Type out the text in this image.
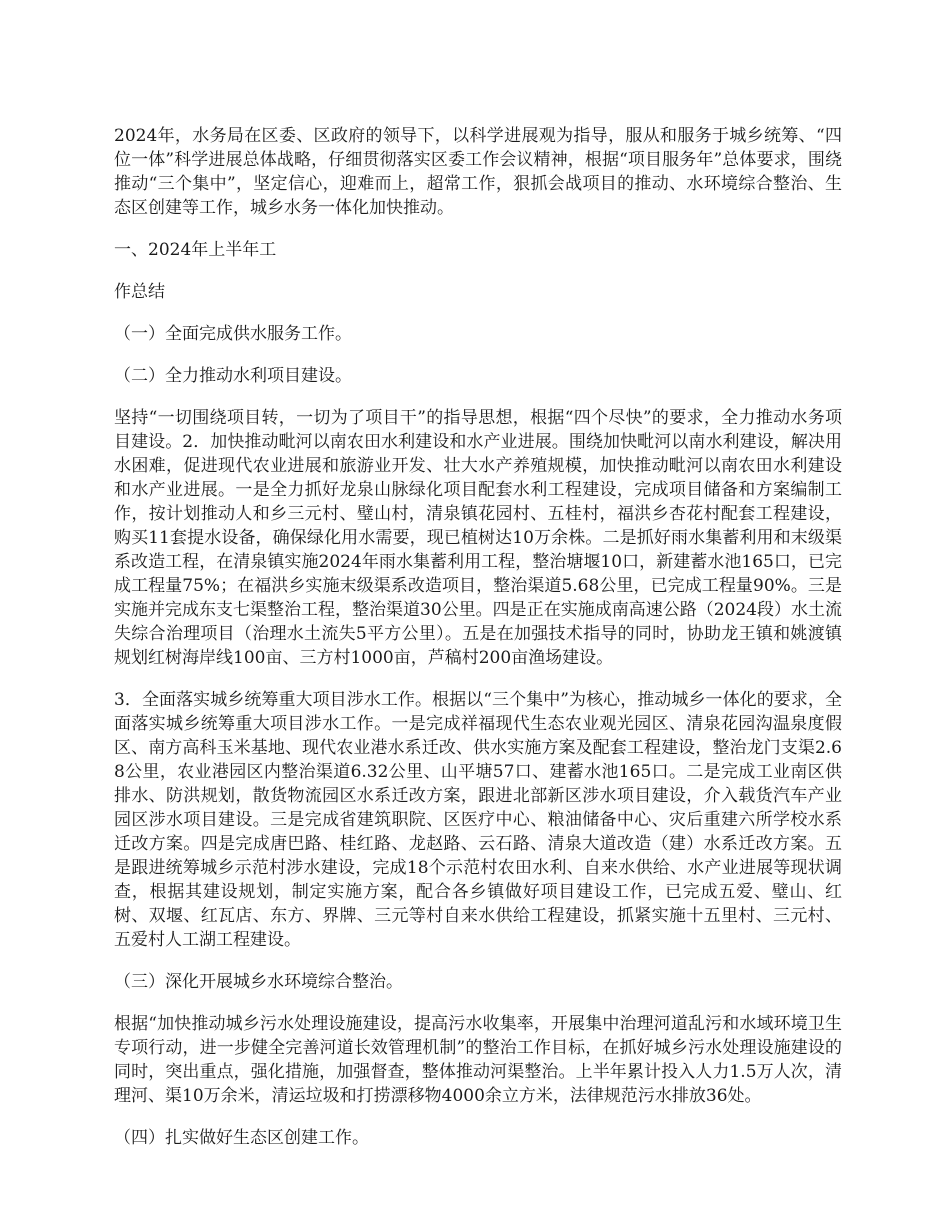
2024年，水务局在区委、区政府的领导下，以科学进展观为指导，服从和服务于城乡统筹、“四位一体”科学进展总体战略，仔细贯彻落实区委工作会议精神，根据“项目服务年”总体要求，围绕推动“三个集中”，坚定信心，迎难而上，超常工作，狠抓会战项目的推动、水环境综合整治、生态区创建等工作，城乡水务一体化加快推动。

一、2024年上半年工

作总结

（一）全面完成供水服务工作。

（二）全力推动水利项目建设。

坚持“一切围绕项目转，一切为了项目干”的指导思想，根据“四个尽快”的要求，全力推动水务项目建设。2．加快推动毗河以南农田水利建设和水产业进展。围绕加快毗河以南水利建设，解决用水困难，促进现代农业进展和旅游业开发、壮大水产养殖规模，加快推动毗河以南农田水利建设和水产业进展。一是全力抓好龙泉山脉绿化项目配套水利工程建设，完成项目储备和方案编制工作，按计划推动人和乡三元村、璧山村，清泉镇花园村、五桂村，福洪乡杏花村配套工程建设，购买11套提水设备，确保绿化用水需要，现已植树达10万余株。二是抓好雨水集蓄利用和末级渠系改造工程，在清泉镇实施2024年雨水集蓄利用工程，整治塘堰10口，新建蓄水池165口，已完成工程量75%；在福洪乡实施末级渠系改造项目，整治渠道5.68公里，已完成工程量90%。三是实施并完成东支七渠整治工程，整治渠道30公里。四是正在实施成南高速公路（2024段）水土流失综合治理项目（治理水土流失5平方公里）。五是在加强技术指导的同时，协助龙王镇和姚渡镇规划红树海岸线100亩、三方村1000亩，芦稿村200亩渔场建设。

3．全面落实城乡统筹重大项目涉水工作。根据以“三个集中”为核心，推动城乡一体化的要求，全面落实城乡统筹重大项目涉水工作。一是完成祥福现代生态农业观光园区、清泉花园沟温泉度假区、南方高科玉米基地、现代农业港水系迁改、供水实施方案及配套工程建设，整治龙门支渠2.68公里，农业港园区内整治渠道6.32公里、山平塘57口、建蓄水池165口。二是完成工业南区供排水、防洪规划，散货物流园区水系迁改方案，跟进北部新区涉水项目建设，介入载货汽车产业园区涉水项目建设。三是完成省建筑职院、区医疗中心、粮油储备中心、灾后重建六所学校水系迁改方案。四是完成唐巴路、桂红路、龙赵路、云石路、清泉大道改造（建）水系迁改方案。五是跟进统筹城乡示范村涉水建设，完成18个示范村农田水利、自来水供给、水产业进展等现状调查，根据其建设规划，制定实施方案，配合各乡镇做好项目建设工作，已完成五爱、璧山、红树、双堰、红瓦店、东方、界牌、三元等村自来水供给工程建设，抓紧实施十五里村、三元村、五爱村人工湖工程建设。

（三）深化开展城乡水环境综合整治。

根据“加快推动城乡污水处理设施建设，提高污水收集率，开展集中治理河道乱污和水域环境卫生专项行动，进一步健全完善河道长效管理机制”的整治工作目标，在抓好城乡污水处理设施建设的同时，突出重点，强化措施，加强督查，整体推动河渠整治。上半年累计投入人力1.5万人次，清理河、渠10万余米，清运垃圾和打捞漂移物4000余立方米，法律规范污水排放36处。

（四）扎实做好生态区创建工作。
